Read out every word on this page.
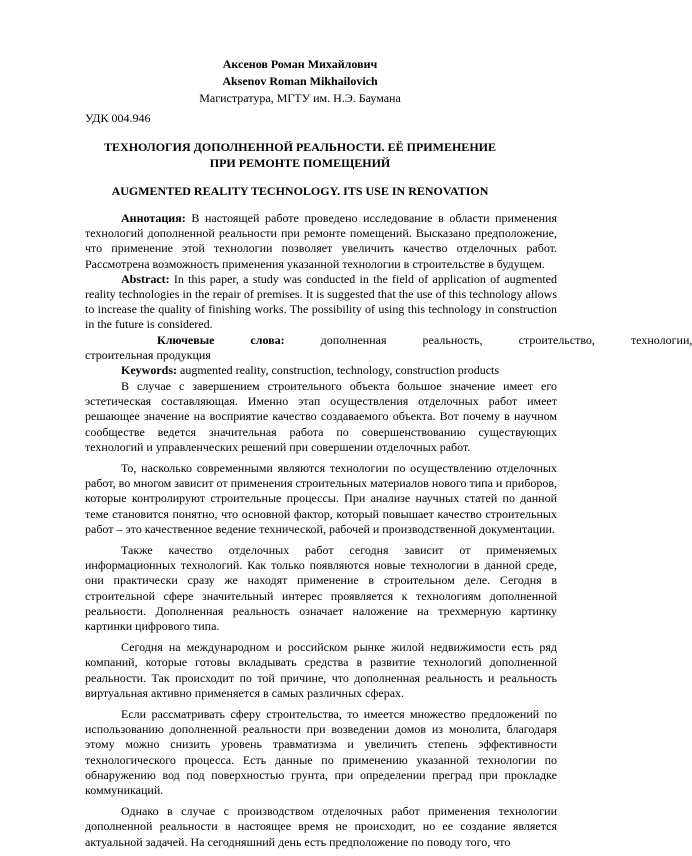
Аксенов Роман Михайлович
Aksenov Roman Mikhailovich
Магистратура, МГТУ им. Н.Э. Баумана
УДК 004.946
ТЕХНОЛОГИЯ ДОПОЛНЕННОЙ РЕАЛЬНОСТИ. ЕЁ ПРИМЕНЕНИЕ ПРИ РЕМОНТЕ ПОМЕЩЕНИЙ
AUGMENTED REALITY TECHNOLOGY. ITS USE IN RENOVATION

Аннотация: В настоящей работе проведено исследование в области применения технологий дополненной реальности при ремонте помещений. Высказано предположение, что применение этой технологии позволяет увеличить качество отделочных работ. Рассмотрена возможность применения указанной технологии в строительстве в будущем.

Abstract: In this paper, a study was conducted in the field of application of augmented reality technologies in the repair of premises. It is suggested that the use of this technology allows to increase the quality of finishing works. The possibility of using this technology in construction in the future is considered.

Ключевые	слова:	дополненная	реальность,	строительство,	технологии,

строительная продукция

Keywords: augmented reality, construction, technology, construction products

В случае с завершением строительного объекта большое значение имеет его эстетическая составляющая. Именно этап осуществления отделочных работ имеет решающее значение на восприятие качество создаваемого объекта. Вот почему в научном сообществе ведется значительная работа по совершенствованию существующих технологий и управленческих решений при совершении отделочных работ.

То, насколько современными являются технологии по осуществлению отделочных работ, во многом зависит от применения строительных материалов нового типа и приборов, которые контролируют строительные процессы. При анализе научных статей по данной теме становится понятно, что основной фактор, который повышает качество строительных работ – это качественное ведение технической, рабочей и производственной документации.

Также качество отделочных работ сегодня зависит от применяемых информационных технологий. Как только появляются новые технологии в данной среде, они практически сразу же находят применение в строительном деле. Сегодня в строительной сфере значительный интерес проявляется к технологиям дополненной реальности. Дополненная реальность означает наложение на трехмерную картинку картинки цифрового типа.

Сегодня на международном и российском рынке жилой недвижимости есть ряд компаний, которые готовы вкладывать средства в развитие технологий дополненной реальности. Так происходит по той причине, что дополненная реальность и реальность виртуальная активно применяется в самых различных сферах.

Если рассматривать сферу строительства, то имеется множество предложений по использованию дополненной реальности при возведении домов из монолита, благодаря этому можно снизить уровень травматизма и увеличить степень эффективности технологического процесса. Есть данные по применению указанной технологии по обнаружению вод под поверхностью грунта, при определении преград при прокладке коммуникаций.

Однако в случае с производством отделочных работ применения технологии дополненной реальности в настоящее время не происходит, но ее создание является актуальной задачей. На сегодняшний день есть предположение по поводу того, что
